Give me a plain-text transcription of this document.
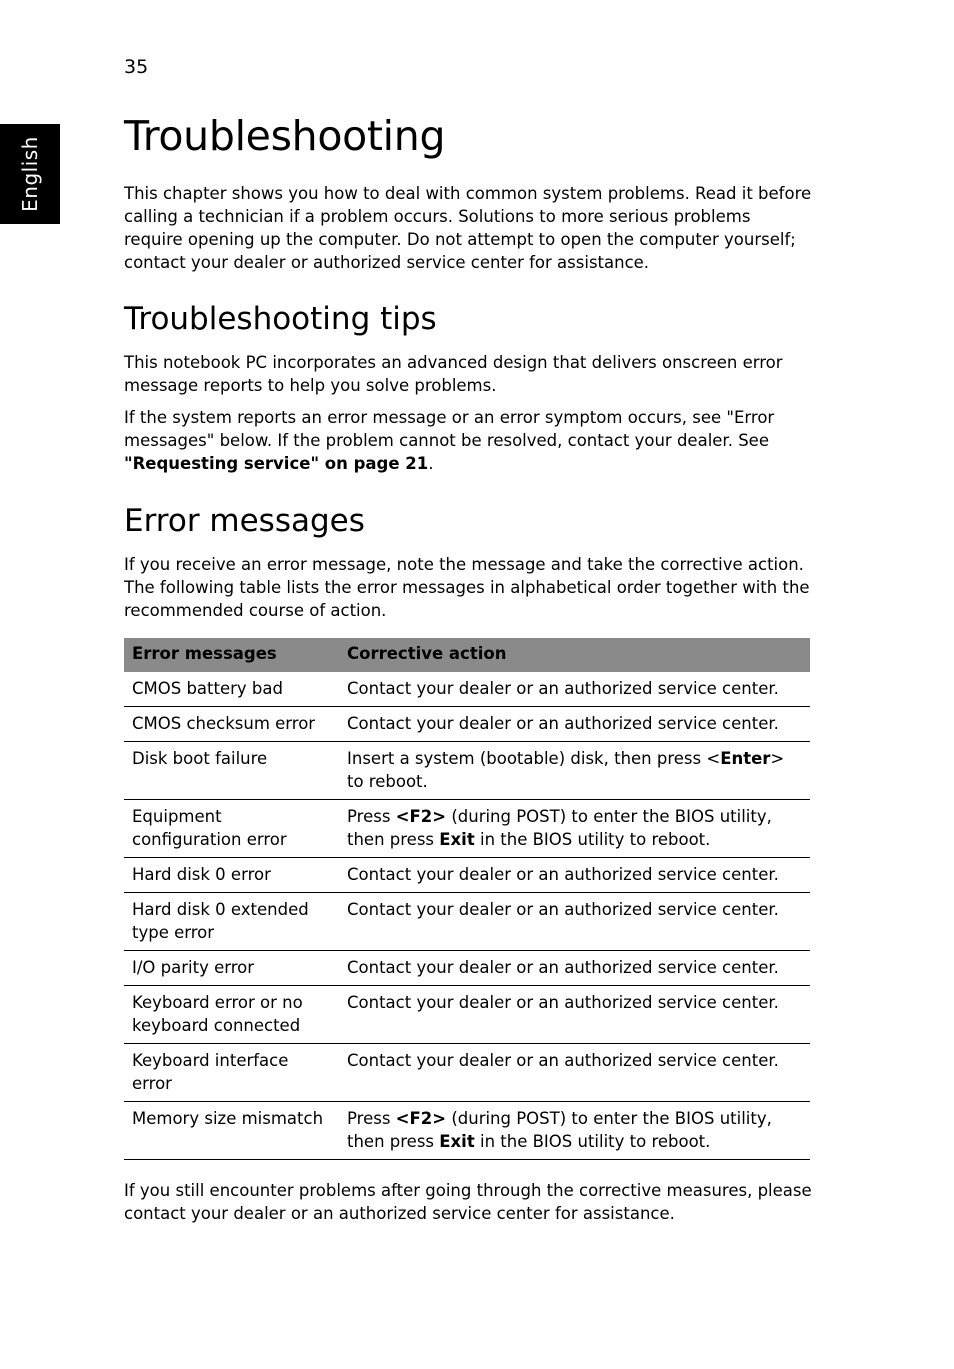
35
English
Troubleshooting

This chapter shows you how to deal with common system problems. Read it before calling a technician if a problem occurs. Solutions to more serious problems require opening up the computer. Do not attempt to open the computer yourself; contact your dealer or authorized service center for assistance.

Troubleshooting tips

This notebook PC incorporates an advanced design that delivers onscreen error message reports to help you solve problems.

If the system reports an error message or an error symptom occurs, see "Error messages" below. If the problem cannot be resolved, contact your dealer. See "Requesting service" on page 21.

Error messages

If you receive an error message, note the message and take the corrective action. The following table lists the error messages in alphabetical order together with the recommended course of action.

Error messages	Corrective action
CMOS battery bad	Contact your dealer or an authorized service center.
CMOS checksum error	Contact your dealer or an authorized service center.
Disk boot failure	Insert a system (bootable) disk, then press <Enter> to reboot.
Equipment configuration error	Press <F2> (during POST) to enter the BIOS utility, then press Exit in the BIOS utility to reboot.
Hard disk 0 error	Contact your dealer or an authorized service center.
Hard disk 0 extended type error	Contact your dealer or an authorized service center.
I/O parity error	Contact your dealer or an authorized service center.
Keyboard error or no keyboard connected	Contact your dealer or an authorized service center.
Keyboard interface error	Contact your dealer or an authorized service center.
Memory size mismatch	Press <F2> (during POST) to enter the BIOS utility, then press Exit in the BIOS utility to reboot.

If you still encounter problems after going through the corrective measures, please contact your dealer or an authorized service center for assistance.
